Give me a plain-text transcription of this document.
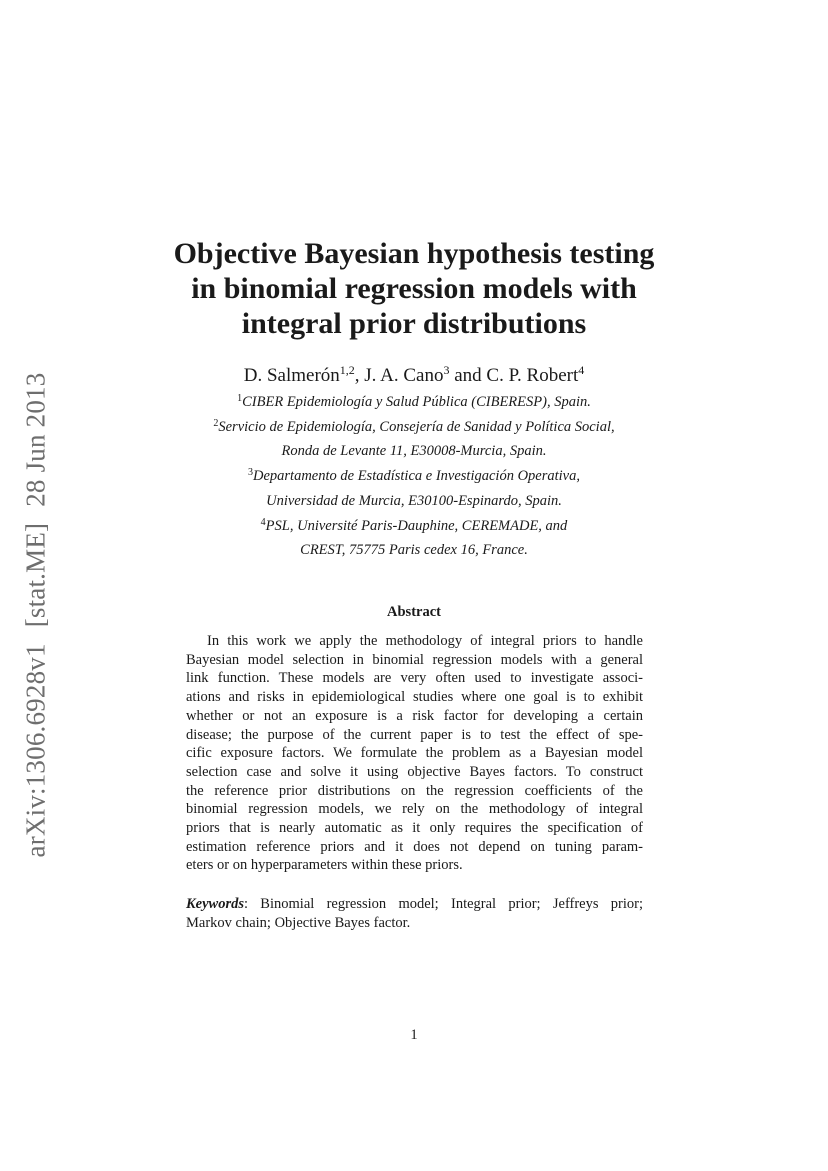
arXiv:1306.6928v1[stat.ME]28 Jun 2013
Objective Bayesian hypothesis testing
in binomial regression models with
integral prior distributions
D. Salmerón$^{1,2}$, J. A. Cano$^3$ and C. P. Robert$^4$
$^1$CIBER Epidemiología y Salud Pública (CIBERESP), Spain.
$^2$Servicio de Epidemiología, Consejería de Sanidad y Política Social,
Ronda de Levante 11, E30008-Murcia, Spain.
$^3$Departamento de Estadística e Investigación Operativa,
Universidad de Murcia, E30100-Espinardo, Spain.
$^4$PSL, Université Paris-Dauphine, CEREMADE, and
CREST, 75775 Paris cedex 16, France.
Abstract
In this work we apply the methodology of integral priors to handle
Bayesian model selection in binomial regression models with a general
link function. These models are very often used to investigate associ-
ations and risks in epidemiological studies where one goal is to exhibit
whether or not an exposure is a risk factor for developing a certain
disease; the purpose of the current paper is to test the effect of spe-
cific exposure factors. We formulate the problem as a Bayesian model
selection case and solve it using objective Bayes factors. To construct
the reference prior distributions on the regression coefficients of the
binomial regression models, we rely on the methodology of integral
priors that is nearly automatic as it only requires the specification of
estimation reference priors and it does not depend on tuning param-
eters or on hyperparameters within these priors.
Keywords: Binomial regression model; Integral prior; Jeffreys prior;
Markov chain; Objective Bayes factor.
1
